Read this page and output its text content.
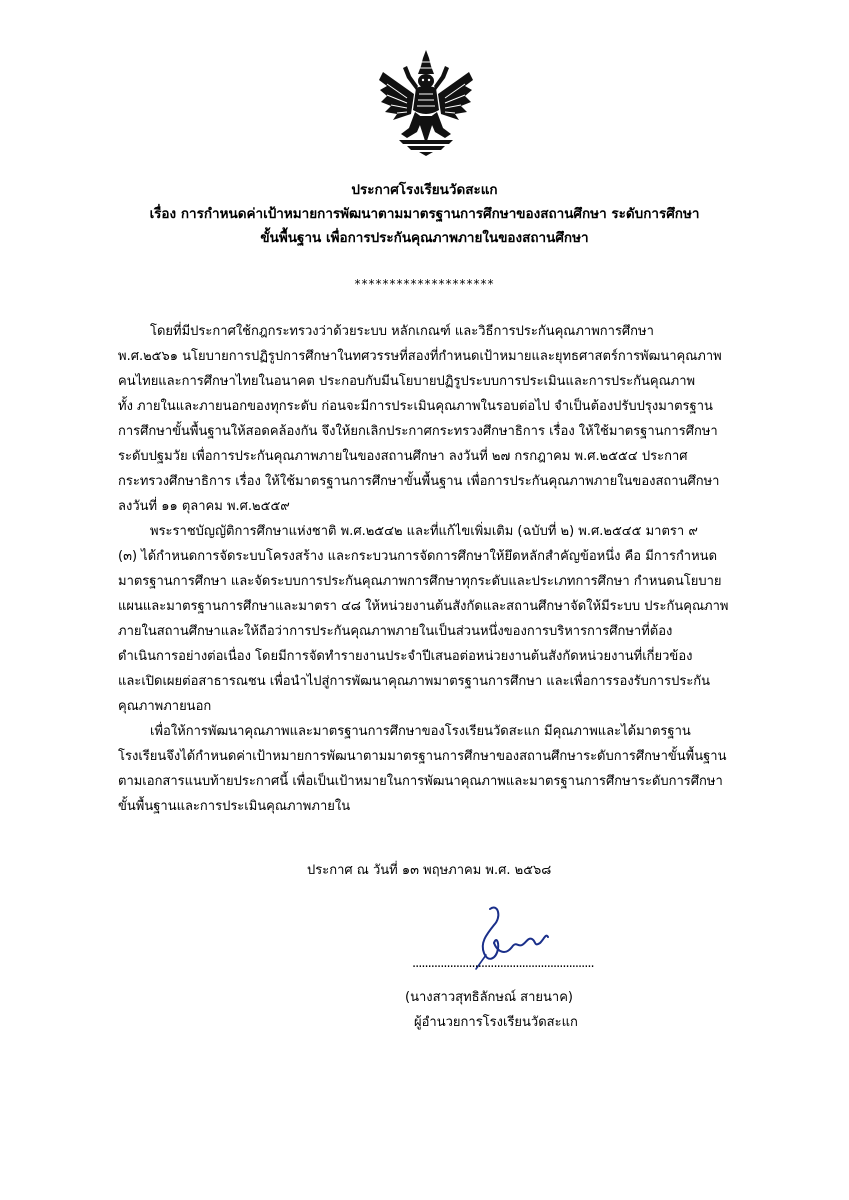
ประกาศโรงเรียนวัดสะแก
เรื่อง การกำหนดค่าเป้าหมายการพัฒนาตามมาตรฐานการศึกษาของสถานศึกษา ระดับการศึกษา
ขั้นพื้นฐาน เพื่อการประกันคุณภาพภายในของสถานศึกษา
********************
โดยที่มีประกาศใช้กฎกระทรวงว่าด้วยระบบ หลักเกณฑ์ และวิธีการประกันคุณภาพการศึกษา
พ.ศ.๒๕๖๑ นโยบายการปฏิรูปการศึกษาในทศวรรษที่สองที่กำหนดเป้าหมายและยุทธศาสตร์การพัฒนาคุณภาพ
คนไทยและการศึกษาไทยในอนาคต ประกอบกับมีนโยบายปฏิรูประบบการประเมินและการประกันคุณภาพ
ทั้ง ภายในและภายนอกของทุกระดับ ก่อนจะมีการประเมินคุณภาพในรอบต่อไป จำเป็นต้องปรับปรุงมาตรฐาน
การศึกษาขั้นพื้นฐานให้สอดคล้องกัน จึงให้ยกเลิกประกาศกระทรวงศึกษาธิการ เรื่อง ให้ใช้มาตรฐานการศึกษา
ระดับปฐมวัย เพื่อการประกันคุณภาพภายในของสถานศึกษา ลงวันที่ ๒๗ กรกฎาคม พ.ศ.๒๕๕๔ ประกาศ
กระทรวงศึกษาธิการ เรื่อง ให้ใช้มาตรฐานการศึกษาขั้นพื้นฐาน เพื่อการประกันคุณภาพภายในของสถานศึกษา
ลงวันที่ ๑๑ ตุลาคม พ.ศ.๒๕๕๙
พระราชบัญญัติการศึกษาแห่งชาติ พ.ศ.๒๕๔๒ และที่แก้ไขเพิ่มเติม (ฉบับที่ ๒) พ.ศ.๒๕๔๕ มาตรา ๙
(๓) ได้กำหนดการจัดระบบโครงสร้าง และกระบวนการจัดการศึกษาให้ยึดหลักสำคัญข้อหนึ่ง คือ มีการกำหนด
มาตรฐานการศึกษา และจัดระบบการประกันคุณภาพการศึกษาทุกระดับและประเภทการศึกษา กำหนดนโยบาย
แผนและมาตรฐานการศึกษาและมาตรา ๔๘ ให้หน่วยงานต้นสังกัดและสถานศึกษาจัดให้มีระบบ ประกันคุณภาพ
ภายในสถานศึกษาและให้ถือว่าการประกันคุณภาพภายในเป็นส่วนหนึ่งของการบริหารการศึกษาที่ต้อง
ดำเนินการอย่างต่อเนื่อง โดยมีการจัดทำรายงานประจำปีเสนอต่อหน่วยงานต้นสังกัดหน่วยงานที่เกี่ยวข้อง
และเปิดเผยต่อสาธารณชน เพื่อนำไปสู่การพัฒนาคุณภาพมาตรฐานการศึกษา และเพื่อการรองรับการประกัน
คุณภาพภายนอก
เพื่อให้การพัฒนาคุณภาพและมาตรฐานการศึกษาของโรงเรียนวัดสะแก มีคุณภาพและได้มาตรฐาน
โรงเรียนจึงได้กำหนดค่าเป้าหมายการพัฒนาตามมาตรฐานการศึกษาของสถานศึกษาระดับการศึกษาขั้นพื้นฐาน
ตามเอกสารแนบท้ายประกาศนี้ เพื่อเป็นเป้าหมายในการพัฒนาคุณภาพและมาตรฐานการศึกษาระดับการศึกษา
ขั้นพื้นฐานและการประเมินคุณภาพภายใน
ประกาศ ณ วันที่ ๑๓ พฤษภาคม พ.ศ. ๒๕๖๘
..........................................................
(นางสาวสุทธิลักษณ์ สายนาค)
ผู้อำนวยการโรงเรียนวัดสะแก
